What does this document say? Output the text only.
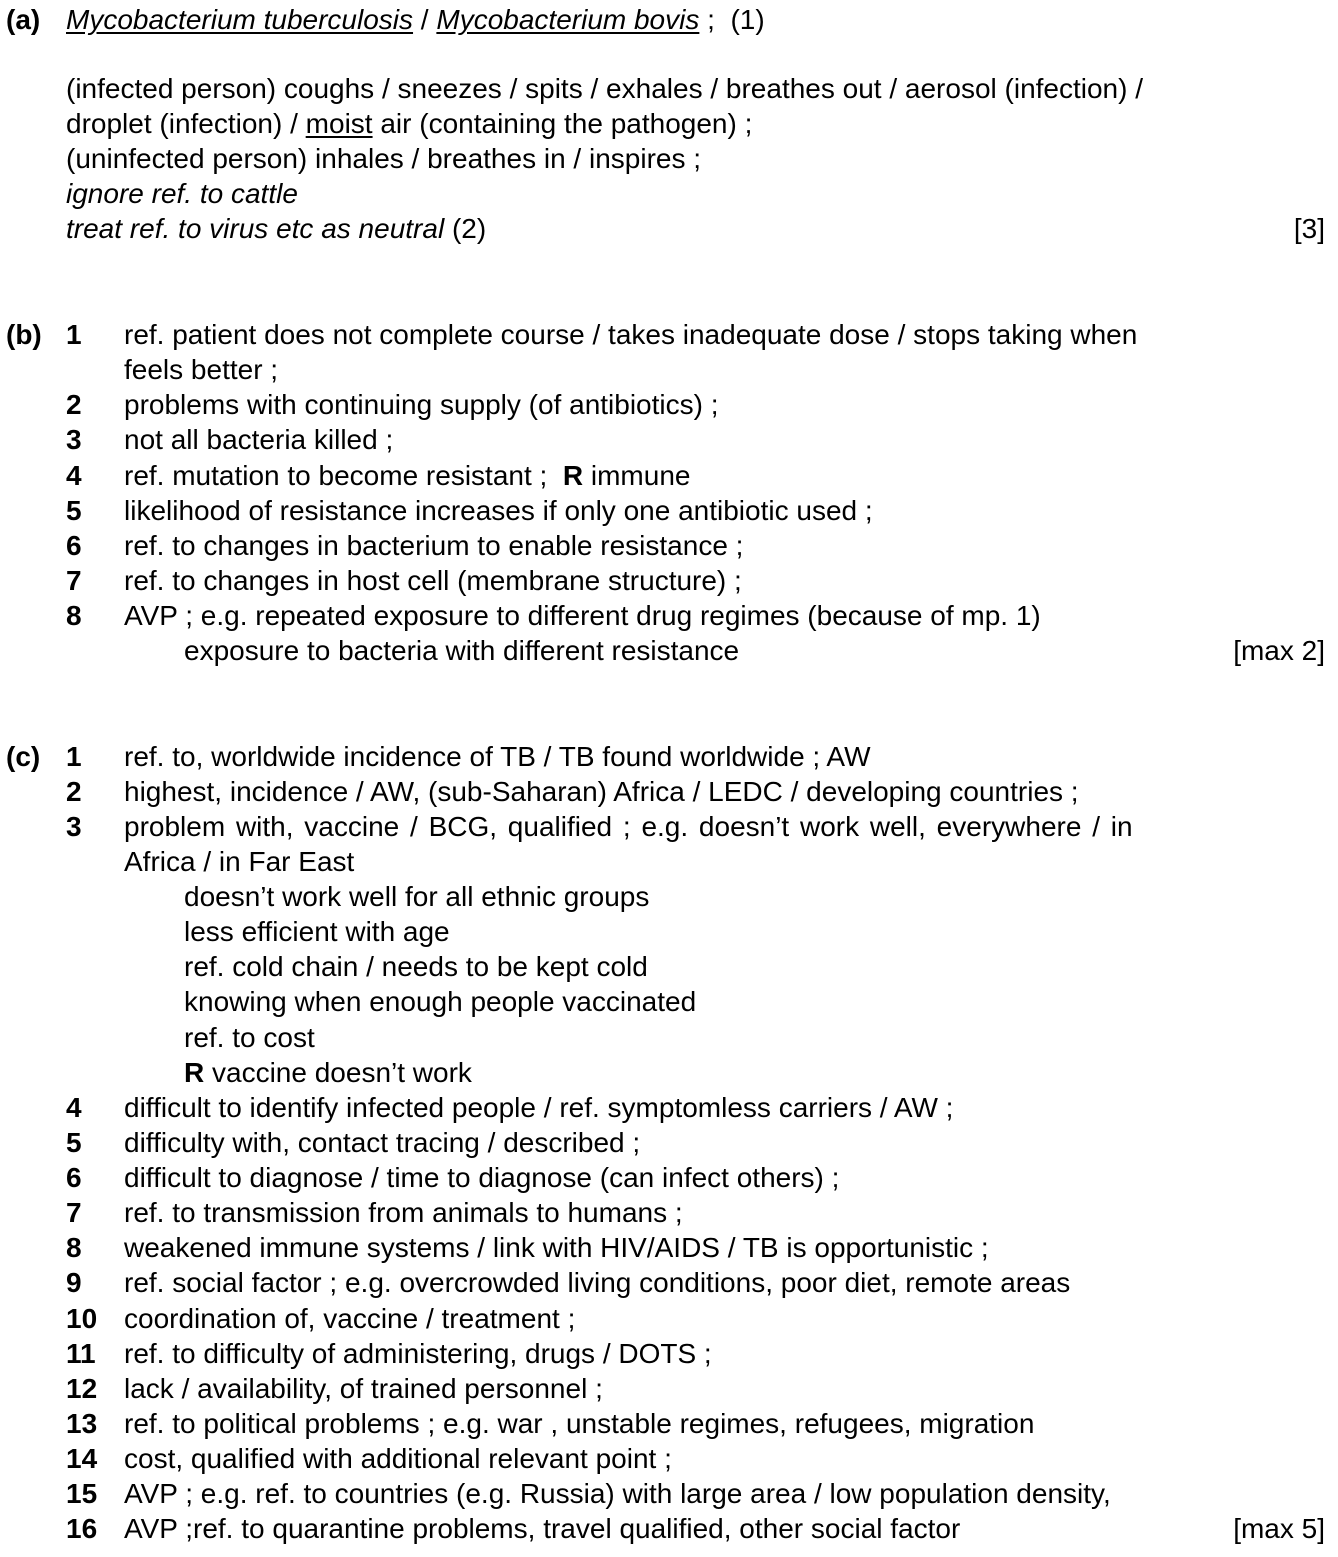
(a) Mycobacterium tuberculosis / Mycobacterium bovis ;  (1)
(infected person) coughs / sneezes / spits / exhales / breathes out / aerosol (infection) /
droplet (infection) / moist air (containing the pathogen) ;
(uninfected person) inhales / breathes in / inspires ;
ignore ref. to cattle
treat ref. to virus etc as neutral (2)	[3]
(b) 1 ref. patient does not complete course / takes inadequate dose / stops taking when
feels better ;
2 problems with continuing supply (of antibiotics) ;
3 not all bacteria killed ;
4 ref. mutation to become resistant ;  R immune
5 likelihood of resistance increases if only one antibiotic used ;
6 ref. to changes in bacterium to enable resistance ;
7 ref. to changes in host cell (membrane structure) ;
8 AVP ; e.g. repeated exposure to different drug regimes (because of mp. 1)
exposure to bacteria with different resistance	[max 2]
(c) 1 ref. to, worldwide incidence of TB / TB found worldwide ; AW
2 highest, incidence / AW, (sub-Saharan) Africa / LEDC / developing countries ;
3 problem with, vaccine / BCG, qualified ; e.g. doesn’t work well, everywhere / in
Africa / in Far East
doesn’t work well for all ethnic groups
less efficient with age
ref. cold chain / needs to be kept cold
knowing when enough people vaccinated
ref. to cost
R vaccine doesn’t work
4 difficult to identify infected people / ref. symptomless carriers / AW ;
5 difficulty with, contact tracing / described ;
6 difficult to diagnose / time to diagnose (can infect others) ;
7 ref. to transmission from animals to humans ;
8 weakened immune systems / link with HIV/AIDS / TB is opportunistic ;
9 ref. social factor ; e.g. overcrowded living conditions, poor diet, remote areas
10 coordination of, vaccine / treatment ;
11 ref. to difficulty of administering, drugs / DOTS ;
12 lack / availability, of trained personnel ;
13 ref. to political problems ; e.g. war , unstable regimes, refugees, migration
14 cost, qualified with additional relevant point ;
15 AVP ; e.g. ref. to countries (e.g. Russia) with large area / low population density,
16 AVP ;ref. to quarantine problems, travel qualified, other social factor	[max 5]
